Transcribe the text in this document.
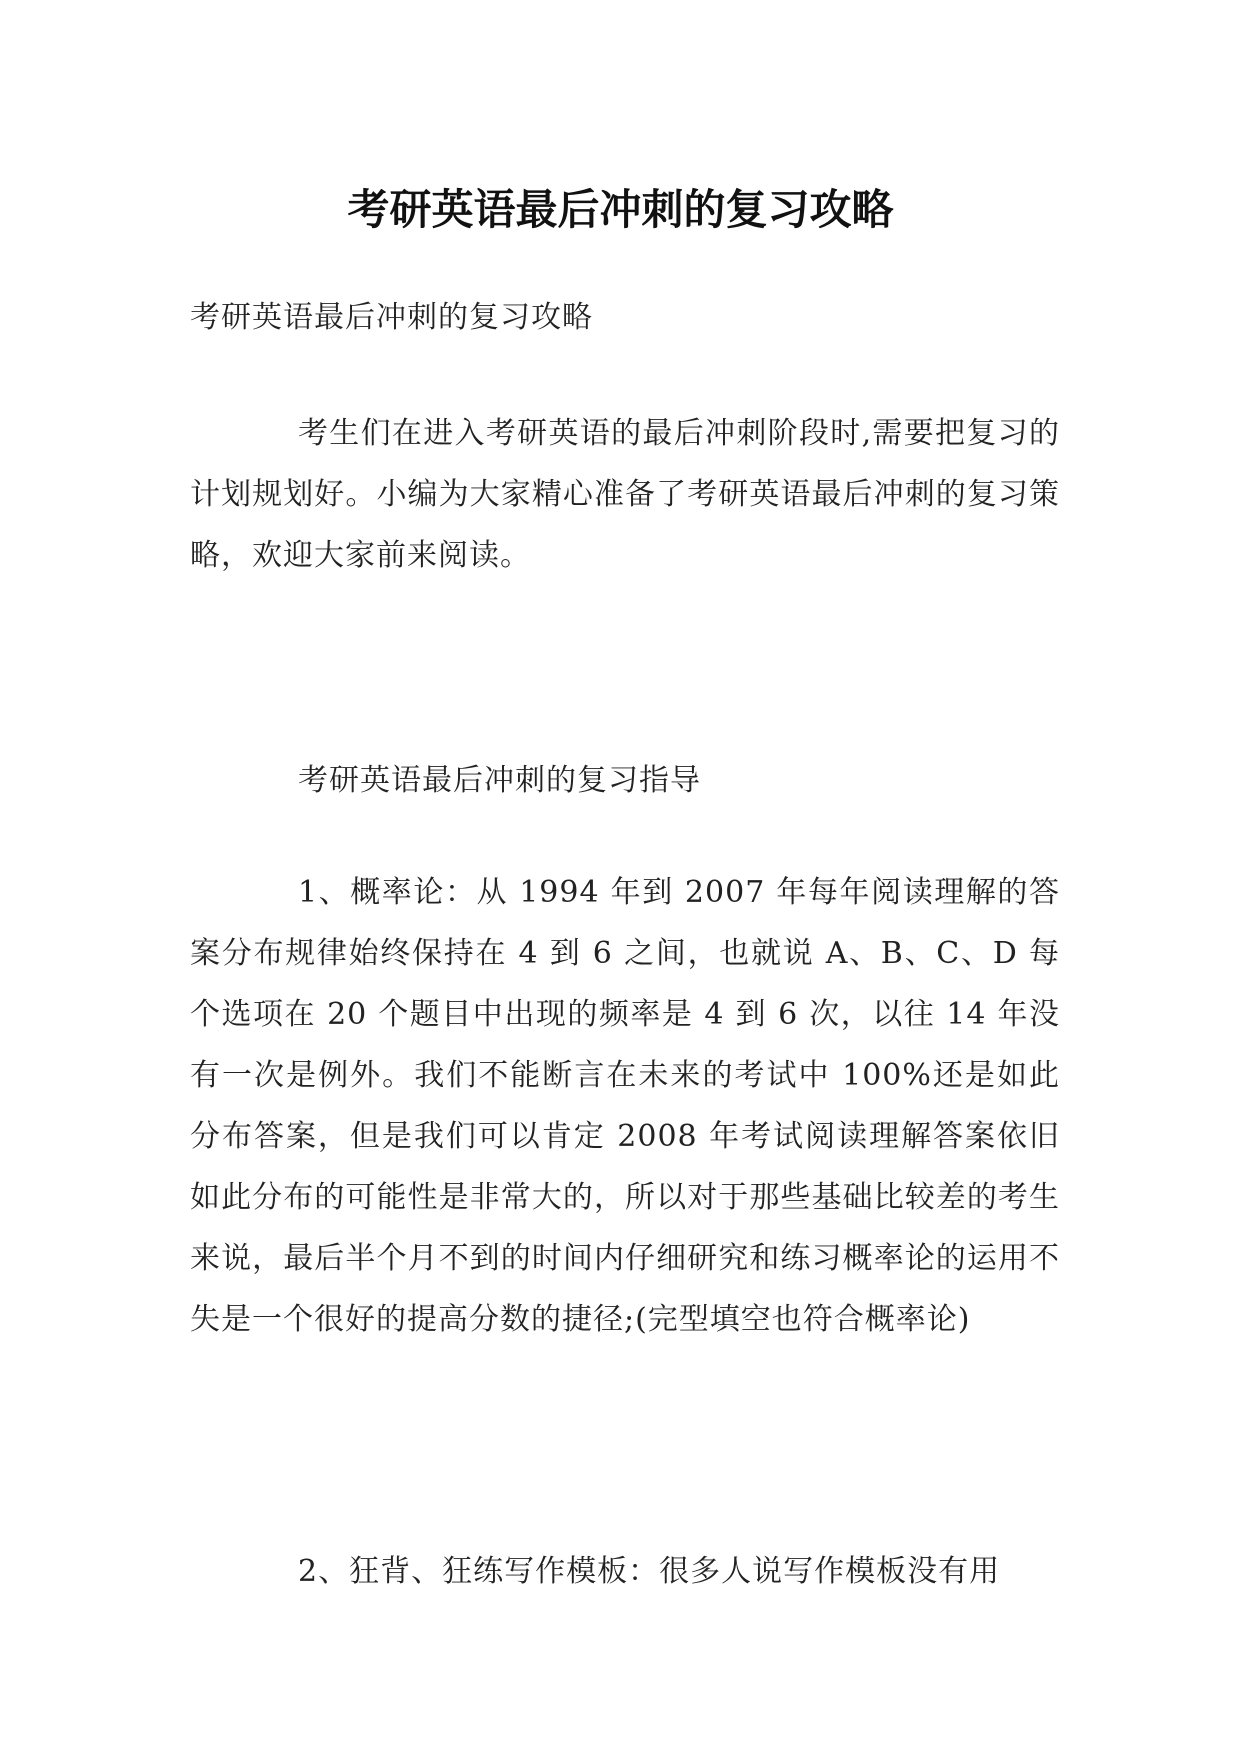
考研英语最后冲刺的复习攻略

考研英语最后冲刺的复习攻略

考生们在进入考研英语的最后冲刺阶段时,需要把复习的计划规划好。小编为大家精心准备了考研英语最后冲刺的复习策略，欢迎大家前来阅读。

考研英语最后冲刺的复习指导

1、概率论：从 1994 年到 2007 年每年阅读理解的答案分布规律始终保持在 4 到 6 之间，也就说 A、B、C、D 每个选项在 20 个题目中出现的频率是 4 到 6 次，以往 14 年没有一次是例外。我们不能断言在未来的考试中 100%还是如此分布答案，但是我们可以肯定 2008 年考试阅读理解答案依旧如此分布的可能性是非常大的，所以对于那些基础比较差的考生来说，最后半个月不到的时间内仔细研究和练习概率论的运用不失是一个很好的提高分数的捷径;(完型填空也符合概率论)

2、狂背、狂练写作模板：很多人说写作模板没有用
